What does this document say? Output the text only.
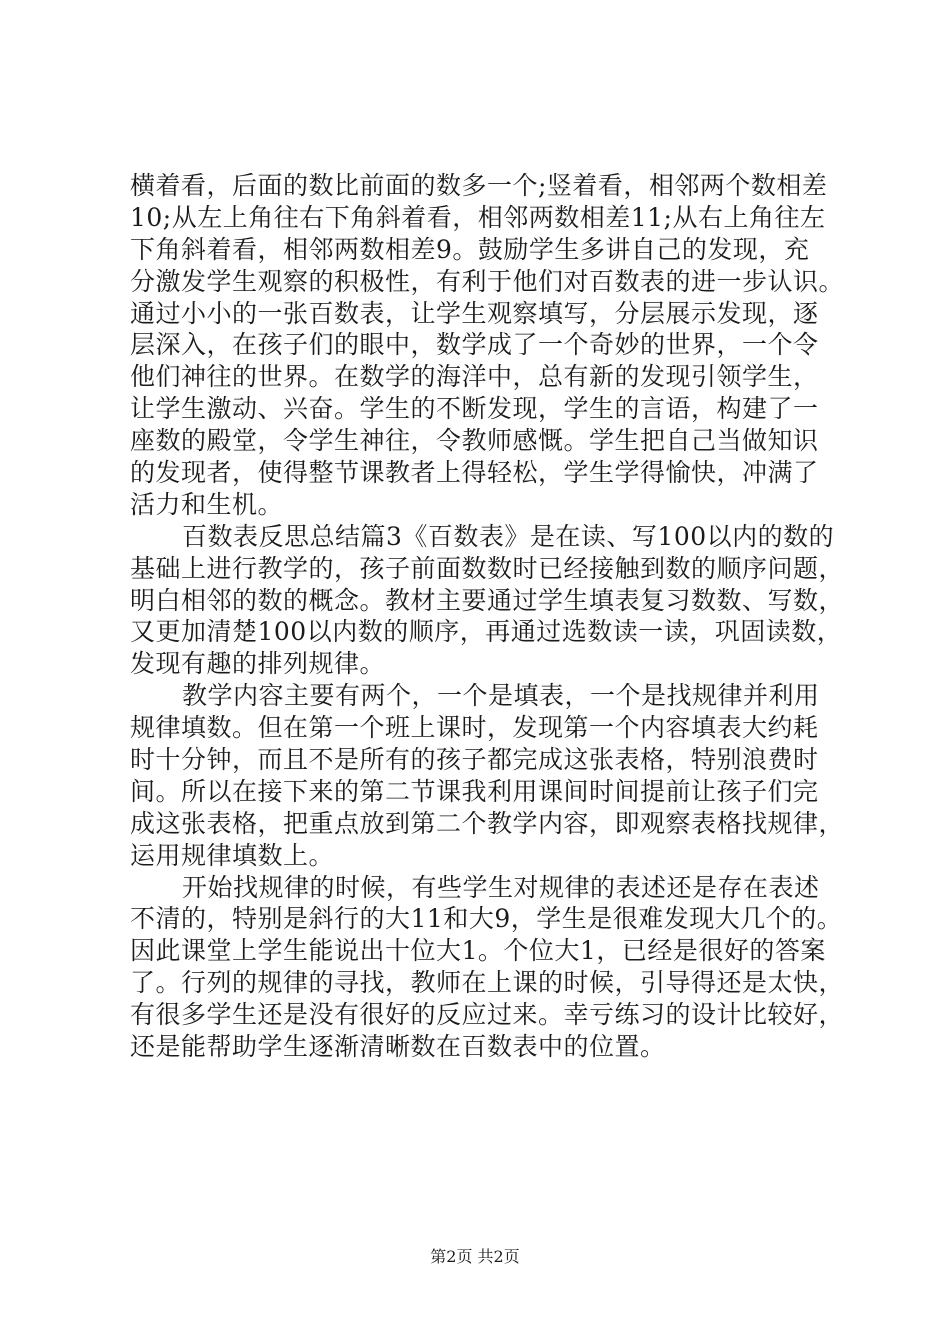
横着看，后面的数比前面的数多一个;竖着看，相邻两个数相差
10;从左上角往右下角斜着看，相邻两数相差11;从右上角往左
下角斜着看，相邻两数相差9。鼓励学生多讲自己的发现，充
分激发学生观察的积极性，有利于他们对百数表的进一步认识。
通过小小的一张百数表，让学生观察填写，分层展示发现，逐
层深入，在孩子们的眼中，数学成了一个奇妙的世界，一个令
他们神往的世界。在数学的海洋中，总有新的发现引领学生，
让学生激动、兴奋。学生的不断发现，学生的言语，构建了一
座数的殿堂，令学生神往，令教师感慨。学生把自己当做知识
的发现者，使得整节课教者上得轻松，学生学得愉快，冲满了
活力和生机。
百数表反思总结篇3《百数表》是在读、写100以内的数的
基础上进行教学的，孩子前面数数时已经接触到数的顺序问题，
明白相邻的数的概念。教材主要通过学生填表复习数数、写数，
又更加清楚100以内数的顺序，再通过选数读一读，巩固读数，
发现有趣的排列规律。
教学内容主要有两个，一个是填表，一个是找规律并利用
规律填数。但在第一个班上课时，发现第一个内容填表大约耗
时十分钟，而且不是所有的孩子都完成这张表格，特别浪费时
间。所以在接下来的第二节课我利用课间时间提前让孩子们完
成这张表格，把重点放到第二个教学内容，即观察表格找规律，
运用规律填数上。
开始找规律的时候，有些学生对规律的表述还是存在表述
不清的，特别是斜行的大11和大9，学生是很难发现大几个的。
因此课堂上学生能说出十位大1。个位大1，已经是很好的答案
了。行列的规律的寻找，教师在上课的时候，引导得还是太快，
有很多学生还是没有很好的反应过来。幸亏练习的设计比较好，
还是能帮助学生逐渐清晰数在百数表中的位置。
第2页 共2页
